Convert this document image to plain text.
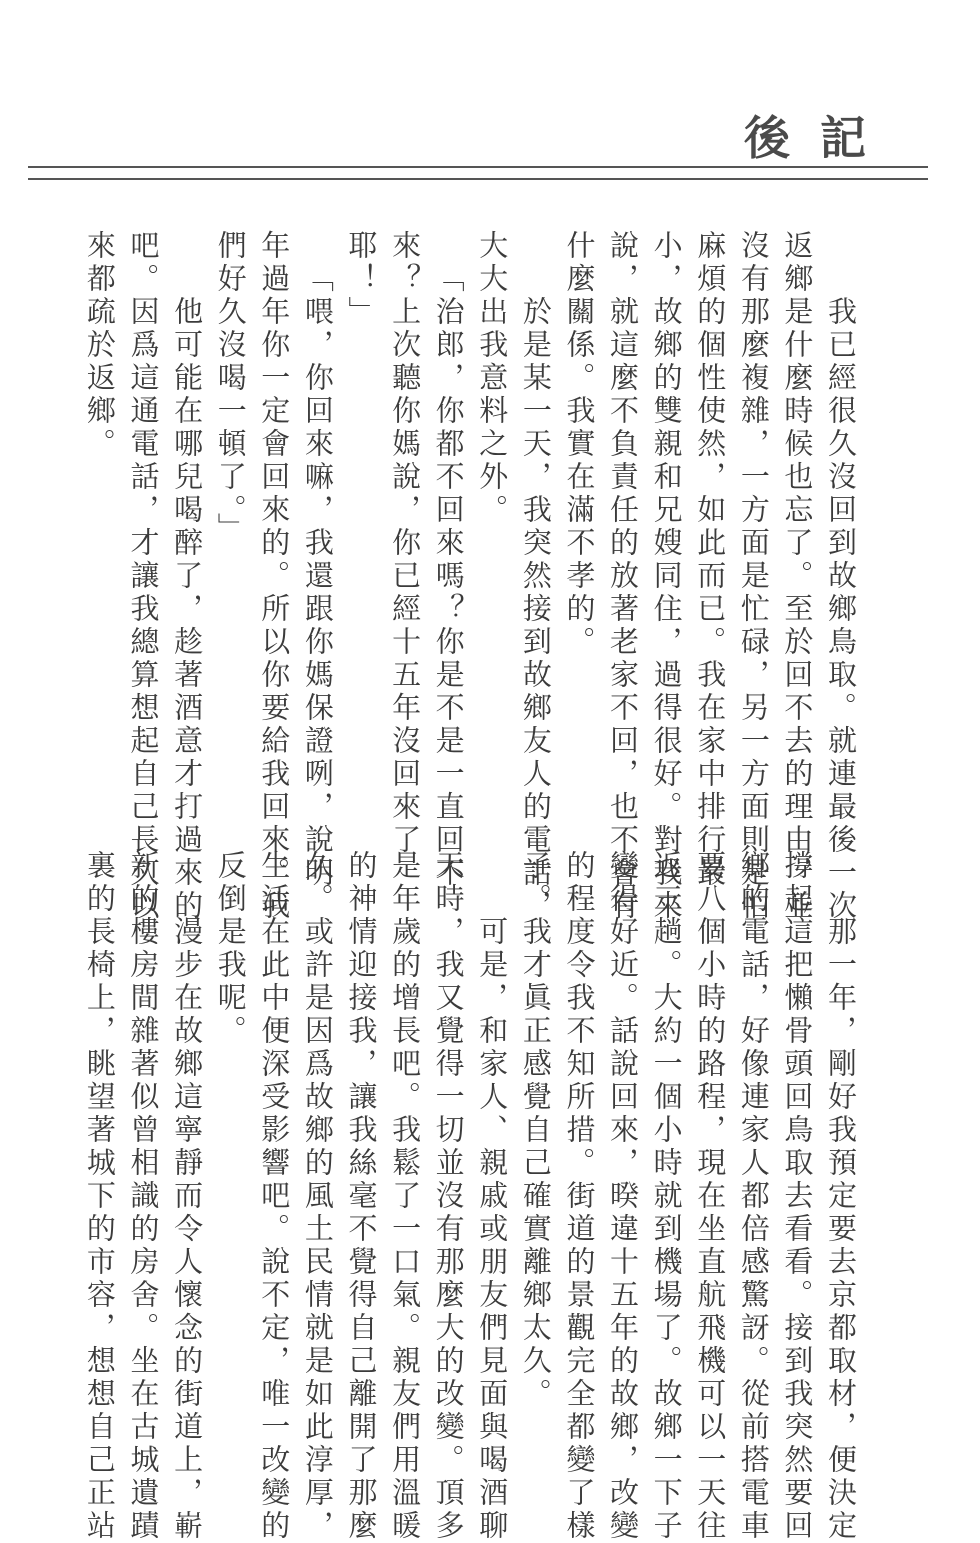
後記
我已經很久沒回到故鄉鳥取。就連最後一次
返鄉是什麼時候也忘了。至於回不去的理由，並
沒有那麼複雜，一方面是忙碌，另一方面則是怕
麻煩的個性使然，如此而已。我在家中排行最
小，故鄉的雙親和兄嫂同住，過得很好。對我來
說，就這麼不負責任的放著老家不回，也不會有
什麼關係。我實在滿不孝的。
於是某一天，我突然接到故鄉友人的電話，
大大出我意料之外。
「治郎，你都不回來嗎？你是不是一直回不
來？上次聽你媽說，你已經十五年沒回來了
耶！」
「喂，你回來嘛，我還跟你媽保證咧，說明
年過年你一定會回來的。所以你要給我回來。我
們好久沒喝一頓了。」
他可能在哪兒喝醉了，趁著酒意才打過來的
吧。因爲這通電話，才讓我總算想起自己長久以
來都疏於返鄉。
那一年，剛好我預定要去京都取材，便決定
撐起這把懶骨頭回鳥取去看看。接到我突然要回
鄉的電話，好像連家人都倍感驚訝。從前搭電車
要八個小時的路程，現在坐直航飛機可以一天往
返三趟。大約一個小時就到機場了。故鄉一下子
變得好近。話說回來，暌違十五年的故鄉，改變
的程度令我不知所措。街道的景觀完全都變了樣
子。我才眞正感覺自己確實離鄉太久。
可是，和家人、親戚或朋友們見面與喝酒聊
天時，我又覺得一切並沒有那麼大的改變。頂多
是年歲的增長吧。我鬆了一口氣。親友們用溫暖
的神情迎接我，讓我絲毫不覺得自己離開了那麼
久。或許是因爲故鄉的風土民情就是如此淳厚，
生活在此中便深受影響吧。說不定，唯一改變的
反倒是我呢。
漫步在故鄉這寧靜而令人懷念的街道上，嶄
新的樓房間雜著似曾相識的房舍。坐在古城遺蹟
裏的長椅上，眺望著城下的市容，想想自己正站
